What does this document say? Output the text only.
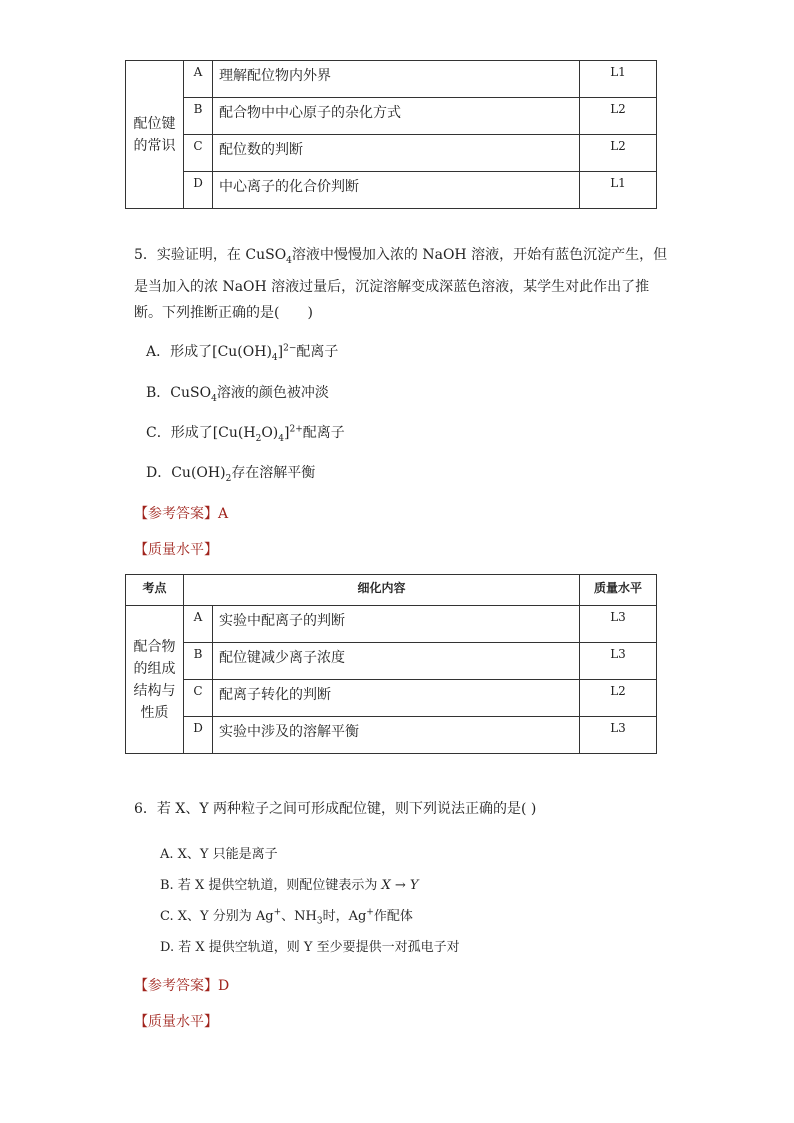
配位键
的常识	A	理解配位物内外界	L1
	B	配合物中中心原子的杂化方式	L2
	C	配位数的判断	L2
	D	中心离子的化合价判断	L1
5．实验证明，在 CuSO$_4$溶液中慢慢加入浓的 NaOH 溶液，开始有蓝色沉淀产生，但是当加入的浓 NaOH 溶液过量后，沉淀溶解变成深蓝色溶液，某学生对此作出了推断。下列推断正确的是(　　)
A．形成了$[Cu(OH)_4]^{2-}$配离子
B．CuSO$_4$溶液的颜色被冲淡
C．形成了$[Cu(H_2O)_4]^{2+}$配离子
D．$Cu(OH)_2$存在溶解平衡
【参考答案】A
【质量水平】
考点	细化内容		质量水平
配合物
的组成
结构与
性质	A	实验中配离子的判断	L3
	B	配位键减少离子浓度	L3
	C	配离子转化的判断	L2
	D	实验中涉及的溶解平衡	L3
6．若 X、Y 两种粒子之间可形成配位键，则下列说法正确的是( )
A. X、Y 只能是离子
B. 若 X 提供空轨道，则配位键表示为 X → Y
C. X、Y 分别为 Ag+、$NH_3$时，Ag+作配体
D. 若 X 提供空轨道，则 Y 至少要提供一对孤电子对
【参考答案】D
【质量水平】
